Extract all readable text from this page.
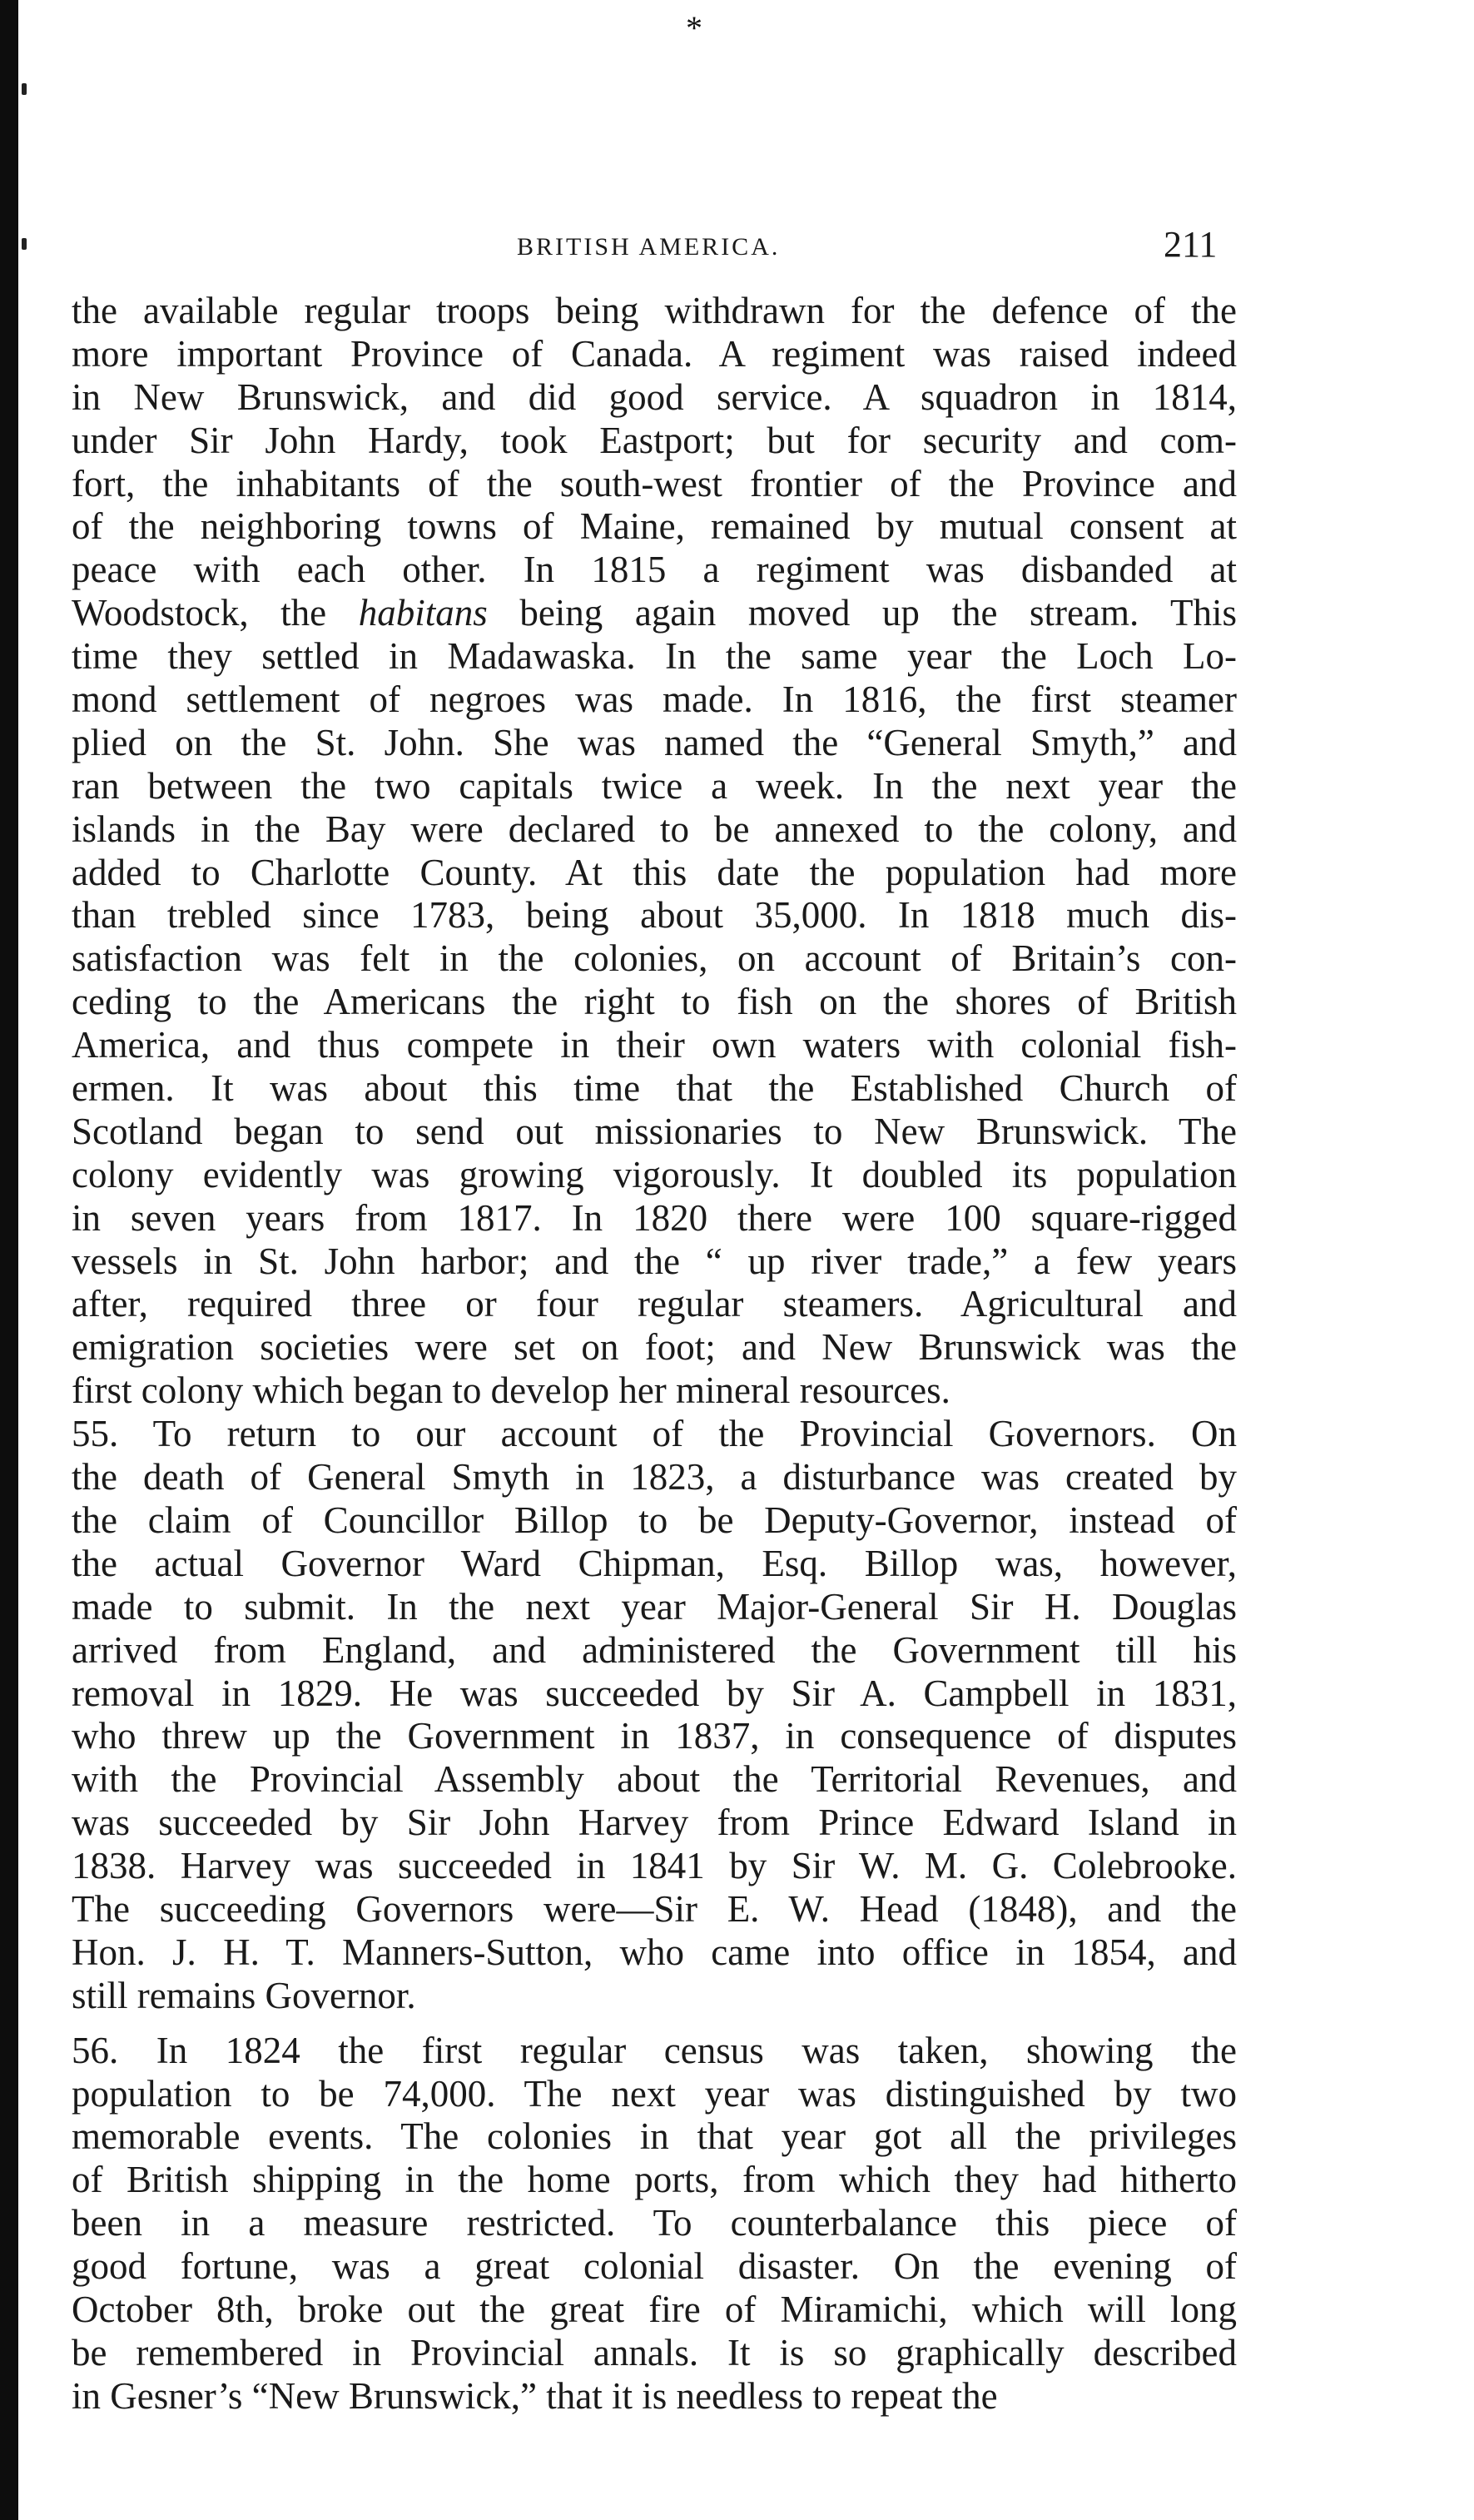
*
BRITISH AMERICA.	211
the available regular troops being withdrawn for the defence of the
more important Province of Canada. A regiment was raised indeed
in New Brunswick, and did good service. A squadron in 1814,
under Sir John Hardy, took Eastport; but for security and com-
fort, the inhabitants of the south-west frontier of the Province and
of the neighboring towns of Maine, remained by mutual consent at
peace with each other. In 1815 a regiment was disbanded at
Woodstock, the habitans being again moved up the stream. This
time they settled in Madawaska. In the same year the Loch Lo-
mond settlement of negroes was made. In 1816, the first steamer
plied on the St. John. She was named the “General Smyth,” and
ran between the two capitals twice a week. In the next year the
islands in the Bay were declared to be annexed to the colony, and
added to Charlotte County. At this date the population had more
than trebled since 1783, being about 35,000. In 1818 much dis-
satisfaction was felt in the colonies, on account of Britain’s con-
ceding to the Americans the right to fish on the shores of British
America, and thus compete in their own waters with colonial fish-
ermen. It was about this time that the Established Church of
Scotland began to send out missionaries to New Brunswick. The
colony evidently was growing vigorously. It doubled its population
in seven years from 1817. In 1820 there were 100 square-rigged
vessels in St. John harbor; and the “ up river trade,” a few years
after, required three or four regular steamers. Agricultural and
emigration societies were set on foot; and New Brunswick was the
first colony which began to develop her mineral resources.
55. To return to our account of the Provincial Governors. On
the death of General Smyth in 1823, a disturbance was created by
the claim of Councillor Billop to be Deputy-Governor, instead of
the actual Governor Ward Chipman, Esq. Billop was, however,
made to submit. In the next year Major-General Sir H. Douglas
arrived from England, and administered the Government till his
removal in 1829. He was succeeded by Sir A. Campbell in 1831,
who threw up the Government in 1837, in consequence of disputes
with the Provincial Assembly about the Territorial Revenues, and
was succeeded by Sir John Harvey from Prince Edward Island in
1838. Harvey was succeeded in 1841 by Sir W. M. G. Colebrooke.
The succeeding Governors were—Sir E. W. Head (1848), and the
Hon. J. H. T. Manners-Sutton, who came into office in 1854, and
still remains Governor.
56. In 1824 the first regular census was taken, showing the
population to be 74,000. The next year was distinguished by two
memorable events. The colonies in that year got all the privileges
of British shipping in the home ports, from which they had hitherto
been in a measure restricted. To counterbalance this piece of
good fortune, was a great colonial disaster. On the evening of
October 8th, broke out the great fire of Miramichi, which will long
be remembered in Provincial annals. It is so graphically described
in Gesner’s “New Brunswick,” that it is needless to repeat the
